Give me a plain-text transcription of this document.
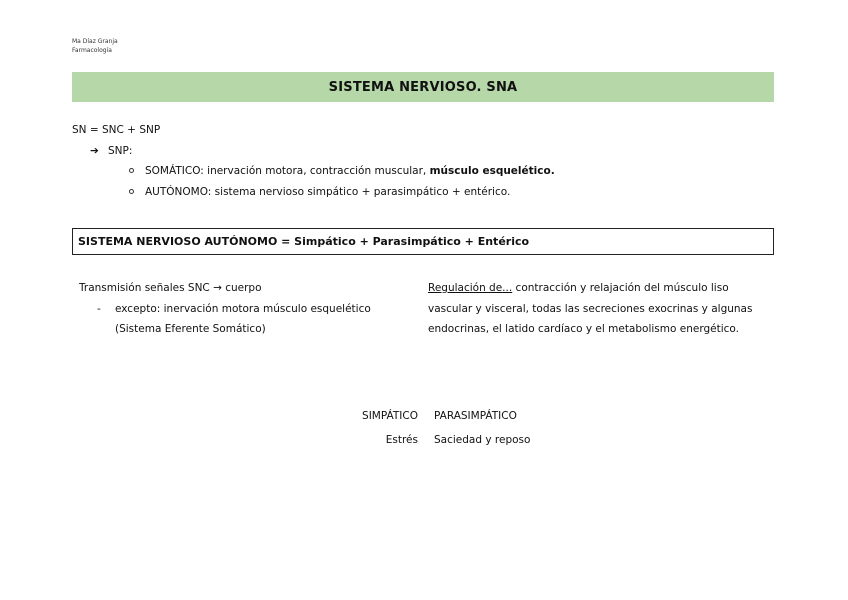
Ma Díaz Granja
Farmacología
SISTEMA NERVIOSO. SNA
SN = SNC + SNP
➔ SNP:
SOMÁTICO: inervación motora, contracción muscular, músculo esquelético.
AUTÓNOMO: sistema nervioso simpático + parasimpático + entérico.
SISTEMA NERVIOSO AUTÓNOMO = Simpático + Parasimpático + Entérico
Transmisión señales SNC → cuerpo
- excepto: inervación motora músculo esquelético
(Sistema Eferente Somático)
Regulación de... contracción y relajación del músculo liso
vascular y visceral, todas las secreciones exocrinas y algunas
endocrinas, el latido cardíaco y el metabolismo energético.
SIMPÁTICO PARASIMPÁTICO
Estrés Saciedad y reposo
